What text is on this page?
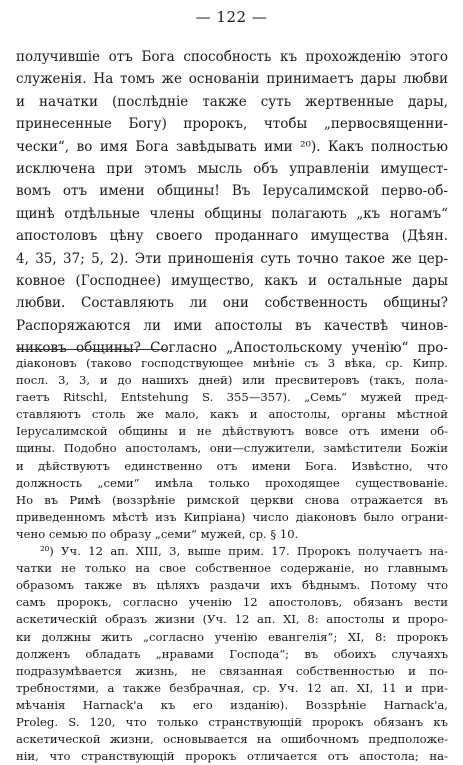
— 122 —
получившіе отъ Бога способность къ прохожденію этого
служенія. На томъ же основаніи принимаетъ дары любви
и начатки (послѣдніе также суть жертвенные дары,
принесенные Богу) пророкъ, чтобы „первосвященни-
чески“, во имя Бога завѣдывать ими ²⁰). Какъ полностью
исключена при этомъ мысль объ управленіи имущест-
вомъ отъ имени общины! Въ Іерусалимской перво-об-
щинѣ отдѣльные члены общины полагають „къ ногамъ“
апостоловъ цѣну своего проданнаго имущества (Дѣян.
4, 35, 37; 5, 2). Эти приношенія суть точно такое же цер-
ковное (Господнее) имущество, какъ и остальные дары
любви. Составляють ли они собственность общины?
Распоряжаются ли ими апостолы въ качествѣ чинов-
никовъ общины? Согласно „Апостольскому ученію“ про-
діаконовъ (таково господствующее мнѣніе съ 3 вѣка, ср. Кипр.
посл. 3, 3, и до нашихъ дней) или пресвитеровъ (такъ, пола-
гаетъ Ritschl, Entstehung S. 355—357). „Семь“ мужей пред-
ставляютъ столь же мало, какъ и апостолы, органы мѣстной
Іерусалимской общины и не дѣйствуютъ вовсе отъ имени об-
щины. Подобно апостоламъ, они—служители, замѣстители Божіи
и дѣйствуютъ единственно отъ имени Бога. Извѣстно, что
должность „семи“ имѣла только проходящее существованіе.
Но въ Римѣ (воззрѣніе римской церкви снова отражается въ
приведенномъ мѣстѣ изъ Кипріана) число діаконовъ было ограни-
чено семью по образу „семи“ мужей, ср. § 10.
²⁰) Уч. 12 ап. XIII, 3, выше прим. 17. Пророкъ получаетъ на-
чатки не только на свое собственное содержаніе, но главнымъ
образомъ также въ цѣляхъ раздачи ихъ бѣднымъ. Потому что
самъ пророкъ, согласно ученію 12 апостоловъ, обязанъ вести
аскетическій образъ жизни (Уч. 12 ап. XI, 8: апостолы и проро-
ки должны жить „согласно ученію евангелія“; XI, 8: пророкъ
долженъ обладать „нравами Господа“; въ обоихъ случаяхъ
подразумѣвается жизнь, не связанная собственностью и по-
требностями, а также безбрачная, ср. Уч. 12 ап. XI, 11 и при-
мѣчанія Harnack'а къ его изданію). Воззрѣніе Harnack'a,
Proleg. S. 120, что только странствующій пророкъ обязанъ къ
аскетической жизни, основывается на ошибочномъ предположе-
ніи, что странствующій пророкъ отличается отъ апостола; на-
